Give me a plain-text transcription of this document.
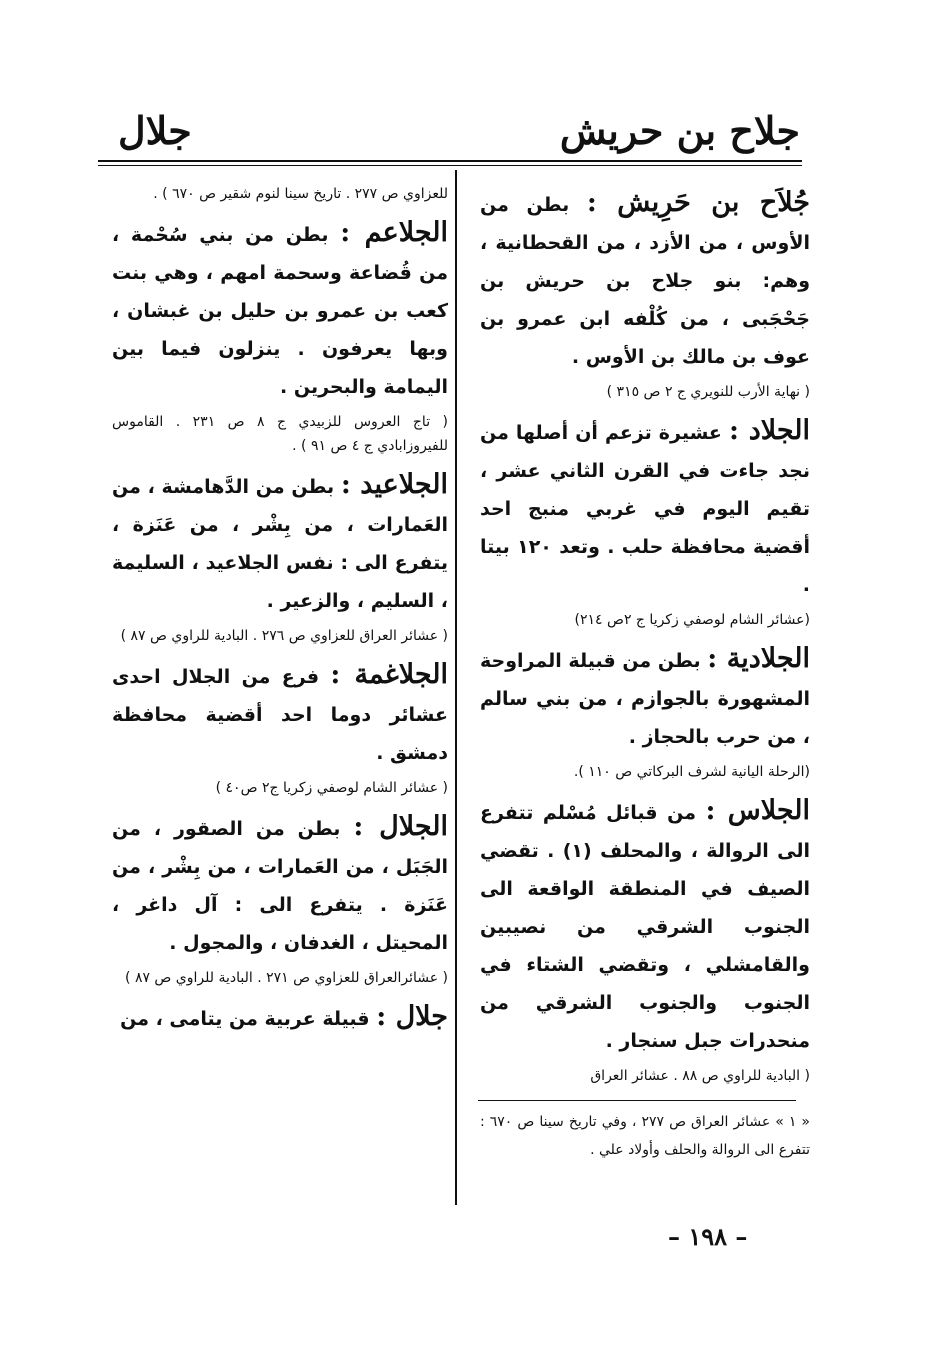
جلاح بن حريش
جلال

جُلاَح بن حَرِيش : بطن من الأوس ، من الأزد ، من القحطانية ، وهم: بنو جلاح بن حريش بن جَحْجَبى ، من كُلْفه ابن عمرو بن عوف بن مالك بن الأوس .

( نهاية الأرب للنويري ج ٢ ص ٣١٥ )

الجلاد : عشيرة تزعم أن أصلها من نجد جاءت في القرن الثاني عشر ، تقيم اليوم في غربي منبج احد أقضية محافظة حلب . وتعد ١٢٠ بيتا .

(عشائر الشام لوصفي زكريا ج ٢ص ٢١٤)

الجلادية : بطن من قبيلة المراوحة المشهورة بالجوازم ، من بني سالم ، من حرب بالحجاز .

(الرحلة اليانية لشرف البركاتي ص ١١٠ ).

الجلاس : من قبائل مُسْلم تتفرع الى الروالة ، والمحلف (١) . تقضي الصيف في المنطقة الواقعة الى الجنوب الشرقي من نصيبين والقامشلي ، وتقضي الشتاء في الجنوب والجنوب الشرقي من منحدرات جبل سنجار .

( البادية للراوي ص ٨٨ . عشائر العراق

للعزاوي ص ٢٧٧ . تاريخ سينا لنوم شقير ص ٦٧٠ ) .

الجلاعم : بطن من بني سُحْمة ، من قُضاعة وسحمة امهم ، وهي بنت كعب بن عمرو بن حليل بن غبشان ، وبها يعرفون . ينزلون فيما بين اليمامة والبحرين .

( تاج العروس للزبيدي ج ٨ ص ٢٣١ . القاموس للفيروزابادي ج ٤ ص ٩١ ) .

الجلاعيد : بطن من الدَّهامشة ، من العَمارات ، من بِشْر ، من عَنَزة ، يتفرع الى : نفس الجلاعيد ، السليمة ، السليم ، والزعير .

( عشائر العراق للعزاوي ص ٢٧٦ . البادية للراوي ص ٨٧ )

الجلاغمة : فرع من الجلال احدى عشائر دوما احد أقضية محافظة دمشق .

( عشائر الشام لوصفي زكريا ج٢ ص٤٠ )

الجلال : بطن من الصقور ، من الجَبَل ، من العَمارات ، من بِشْر ، من عَنَزة . يتفرع الى : آل داغر ، المحيتل ، الغدفان ، والمجول .

( عشائرالعراق للعزاوي ص ٢٧١ . البادية للراوي ص ٨٧ )

جلال : قبيلة عربية من يتامى ، من

« ١ » عشائر العراق ص ٢٧٧ ، وفي تاريخ سينا ص ٦٧٠ : تتفرع الى الروالة والحلف وأولاد علي .
– ١٩٨ –
